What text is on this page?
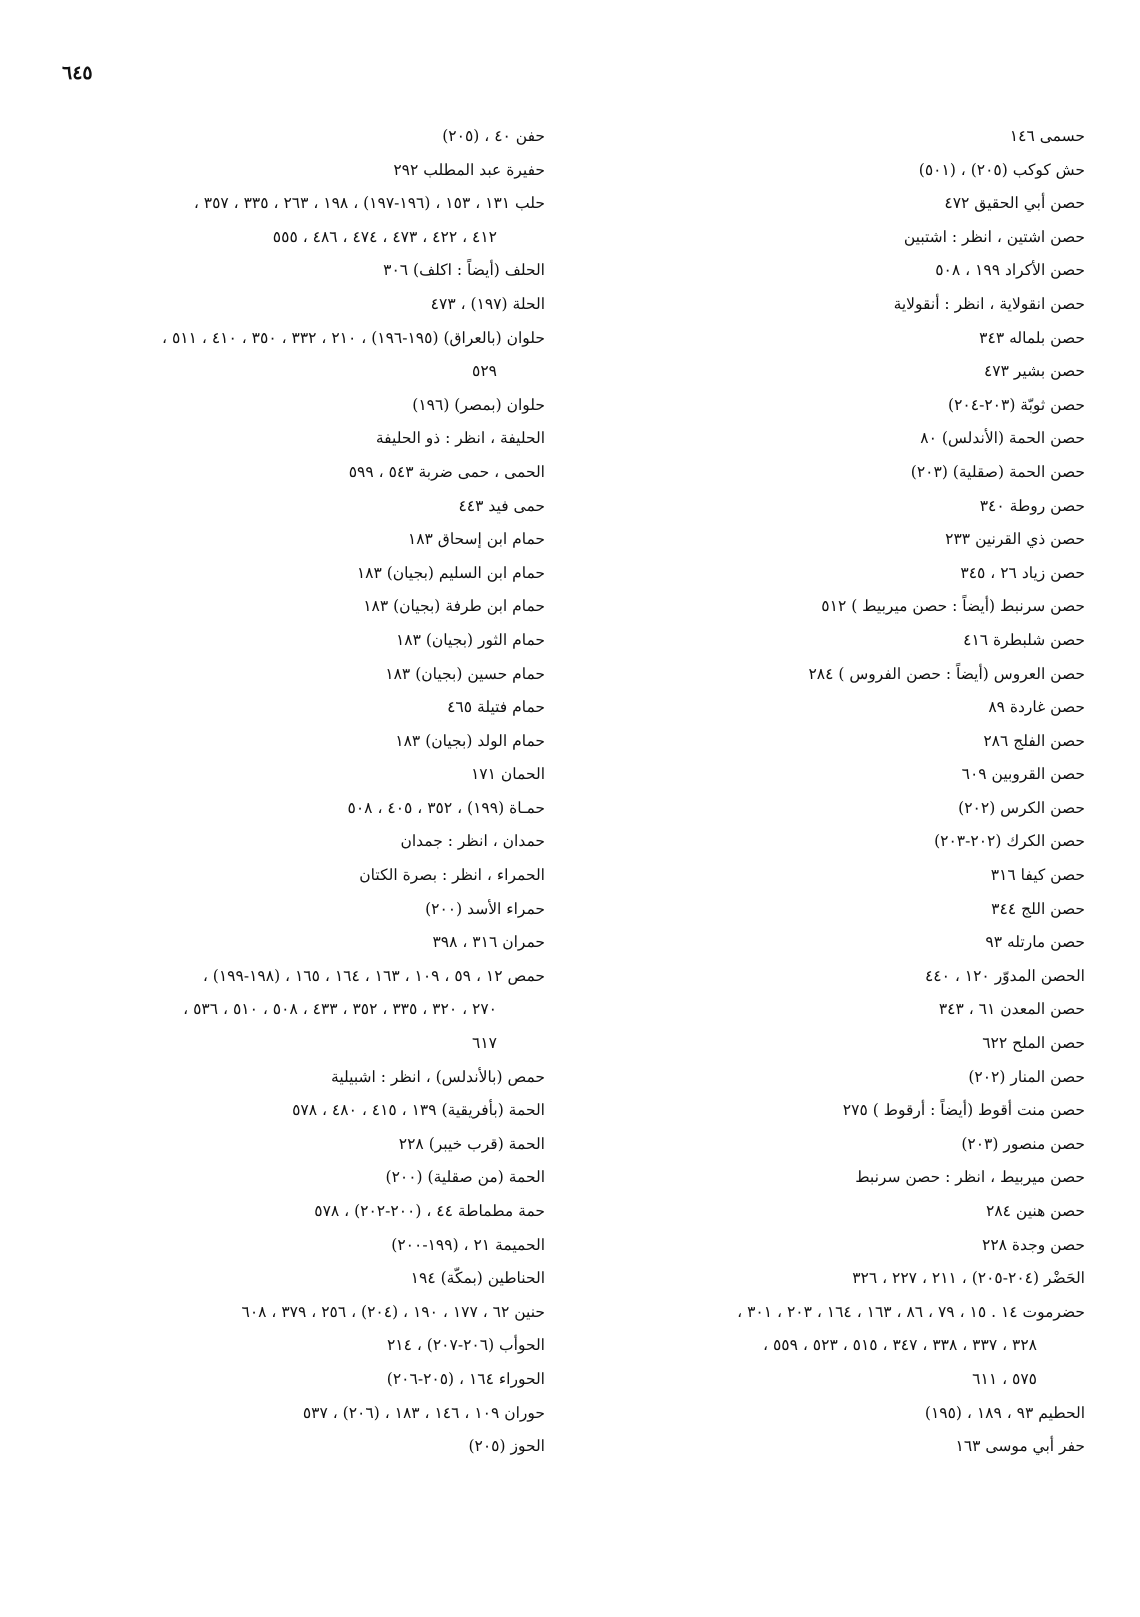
٦٤٥
حسمى ١٤٦
حش كوكب (٢٠٥) ، (٥٠١)
حصن أبي الحقيق ٤٧٢
حصن اشتين ، انظر : اشتبين
حصن الأكراد ١٩٩ ، ٥٠٨
حصن انقولاية ، انظر : أنقولاية
حصن بلماله ٣٤٣
حصن بشير ٤٧٣
حصن ثوبّة (٢٠٣-٢٠٤)
حصن الحمة (الأندلس) ٨٠
حصن الحمة (صقلية) (٢٠٣)
حصن روطة ٣٤٠
حصن ذي القرنين ٢٣٣
حصن زياد ٢٦ ، ٣٤٥
حصن سرنبط (أيضاً : حصن ميربيط ) ٥١٢
حصن شلبطرة ٤١٦
حصن العروس (أيضاً : حصن الفروس ) ٢٨٤
حصن غاردة ٨٩
حصن الفلج ٢٨٦
حصن القروبين ٦٠٩
حصن الكرس (٢٠٢)
حصن الكرك (٢٠٢-٢٠٣)
حصن كيفا ٣١٦
حصن اللج ٣٤٤
حصن مارتله ٩٣
الحصن المدوّر ١٢٠ ، ٤٤٠
حصن المعدن ٦١ ، ٣٤٣
حصن الملح ٦٢٢
حصن المنار (٢٠٢)
حصن منت أقوط (أيضاً : أرقوط ) ٢٧٥
حصن منصور (٢٠٣)
حصن ميربيط ، انظر : حصن سرنبط
حصن هنين ٢٨٤
حصن وجدة ٢٢٨
الحَضْر (٢٠٤-٢٠٥) ، ٢١١ ، ٢٢٧ ، ٣٢٦
حضرموت ١٤ . ١٥ ، ٧٩ ، ٨٦ ، ١٦٣ ، ١٦٤ ، ٢٠٣ ، ٣٠١ ،
٣٢٨ ، ٣٣٧ ، ٣٣٨ ، ٣٤٧ ، ٥١٥ ، ٥٢٣ ، ٥٥٩ ،
٥٧٥ ، ٦١١
الحطيم ٩٣ ، ١٨٩ ، (١٩٥)
حفر أبي موسى ١٦٣
حفن ٤٠ ، (٢٠٥)
حفيرة عبد المطلب ٢٩٢
حلب ١٣١ ، ١٥٣ ، (١٩٦-١٩٧) ، ١٩٨ ، ٢٦٣ ، ٣٣٥ ، ٣٥٧ ،
٤١٢ ، ٤٢٢ ، ٤٧٣ ، ٤٧٤ ، ٤٨٦ ، ٥٥٥
الحلف (أيضاً : اكلف) ٣٠٦
الحلة (١٩٧) ، ٤٧٣
حلوان (بالعراق) (١٩٥-١٩٦) ، ٢١٠ ، ٣٣٢ ، ٣٥٠ ، ٤١٠ ، ٥١١ ،
٥٢٩
حلوان (بمصر) (١٩٦)
الحليفة ، انظر : ذو الحليفة
الحمى ، حمى ضربة ٥٤٣ ، ٥٩٩
حمى فيد ٤٤٣
حمام ابن إسحاق ١٨٣
حمام ابن السليم (بجيان) ١٨٣
حمام ابن طرفة (بجيان) ١٨٣
حمام الثور (بجيان) ١٨٣
حمام حسين (بجيان) ١٨٣
حمام فتيلة ٤٦٥
حمام الولد (بجيان) ١٨٣
الحمان ١٧١
حمـاة (١٩٩) ، ٣٥٢ ، ٤٠٥ ، ٥٠٨
حمدان ، انظر : جمدان
الحمراء ، انظر : بصرة الكتان
حمراء الأسد (٢٠٠)
حمران ٣١٦ ، ٣٩٨
حمص ١٢ ، ٥٩ ، ١٠٩ ، ١٦٣ ، ١٦٤ ، ١٦٥ ، (١٩٨-١٩٩) ،
٢٧٠ ، ٣٢٠ ، ٣٣٥ ، ٣٥٢ ، ٤٣٣ ، ٥٠٨ ، ٥١٠ ، ٥٣٦ ،
٦١٧
حمص (بالأندلس) ، انظر : اشبيلية
الحمة (بأفريقية) ١٣٩ ، ٤١٥ ، ٤٨٠ ، ٥٧٨
الحمة (قرب خيبر) ٢٢٨
الحمة (من صقلية) (٢٠٠)
حمة مطماطة ٤٤ ، (٢٠٠-٢٠٢) ، ٥٧٨
الحميمة ٢١ ، (١٩٩-٢٠٠)
الحناطين (بمكّة) ١٩٤
حنين ٦٢ ، ١٧٧ ، ١٩٠ ، (٢٠٤) ، ٢٥٦ ، ٣٧٩ ، ٦٠٨
الحوأب (٢٠٦-٢٠٧) ، ٢١٤
الحوراء ١٦٤ ، (٢٠٥-٢٠٦)
حوران ١٠٩ ، ١٤٦ ، ١٨٣ ، (٢٠٦) ، ٥٣٧
الحوز (٢٠٥)
